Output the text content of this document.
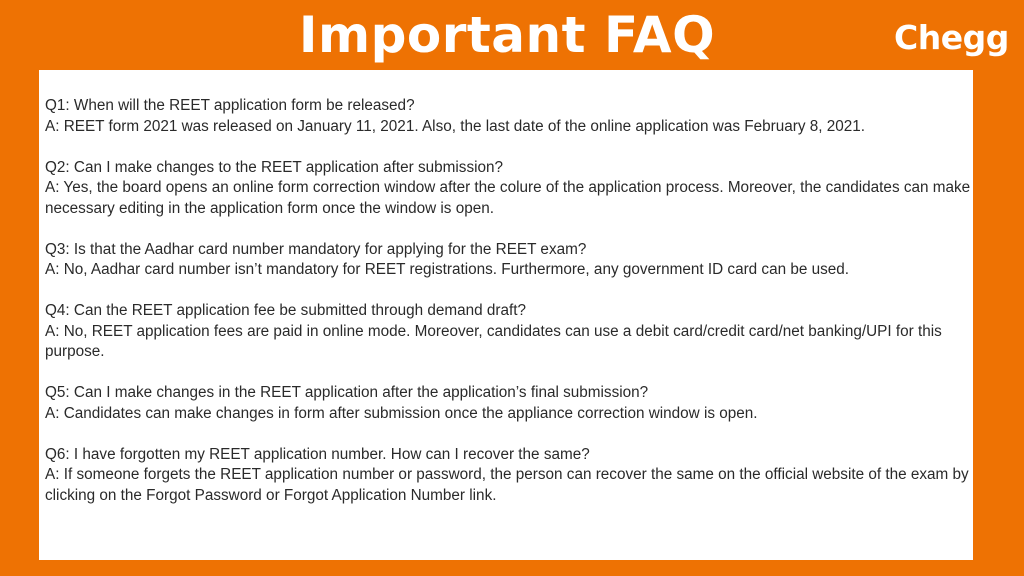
Important FAQ	Chegg

Q1: When will the REET application form be released?

A: REET form 2021 was released on January 11, 2021. Also, the last date of the online application was February 8, 2021.

Q2: Can I make changes to the REET application after submission?

A: Yes, the board opens an online form correction window after the colure of the application process. Moreover, the candidates can make necessary editing in the application form once the window is open.

Q3: Is that the Aadhar card number mandatory for applying for the REET exam?

A: No, Aadhar card number isn’t mandatory for REET registrations. Furthermore, any government ID card can be used.

Q4: Can the REET application fee be submitted through demand draft?

A: No, REET application fees are paid in online mode. Moreover, candidates can use a debit card/credit card/net banking/UPI for this purpose.

Q5: Can I make changes in the REET application after the application’s final submission?

A: Candidates can make changes in form after submission once the appliance correction window is open.

Q6: I have forgotten my REET application number. How can I recover the same?

A: If someone forgets the REET application number or password, the person can recover the same on the official website of the exam by clicking on the Forgot Password or Forgot Application Number link.
